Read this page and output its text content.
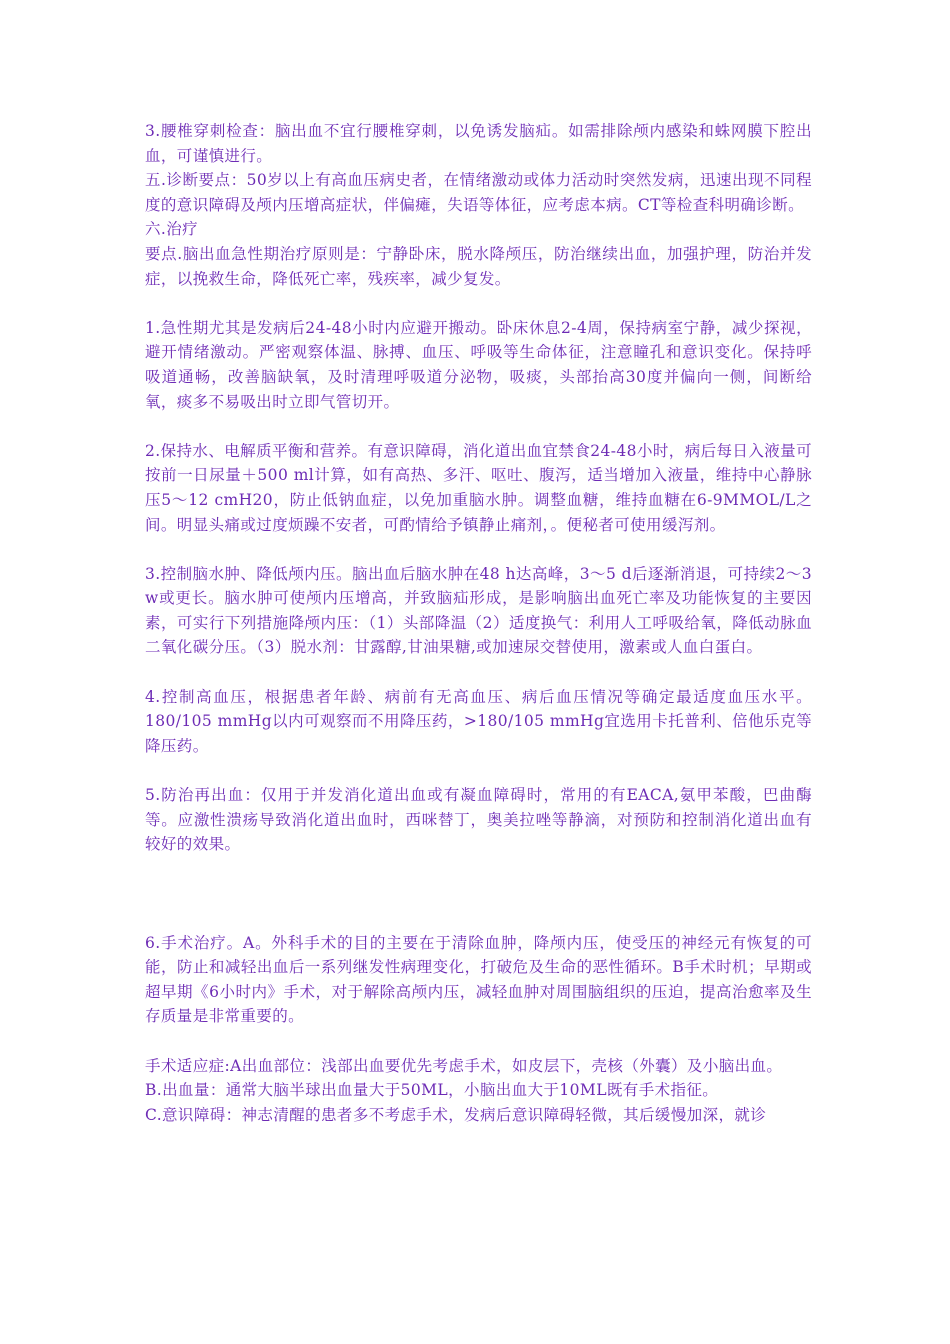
3.腰椎穿刺检查：脑出血不宜行腰椎穿刺，以免诱发脑疝。如需排除颅内感染和蛛网膜下腔出血，可谨慎进行。

五.诊断要点：50岁以上有高血压病史者，在情绪激动或体力活动时突然发病，迅速出现不同程度的意识障碍及颅内压增高症状，伴偏瘫，失语等体征，应考虑本病。CT等检查科明确诊断。

六.治疗

要点.脑出血急性期治疗原则是：宁静卧床，脱水降颅压，防治继续出血，加强护理，防治并发症，以挽救生命，降低死亡率，残疾率，减少复发。

1.急性期尤其是发病后24-48小时内应避开搬动。卧床休息2-4周，保持病室宁静，减少探视，避开情绪激动。严密观察体温、脉搏、血压、呼吸等生命体征，注意瞳孔和意识变化。保持呼吸道通畅，改善脑缺氧，及时清理呼吸道分泌物，吸痰，头部抬高30度并偏向一侧，间断给氧，痰多不易吸出时立即气管切开。

2.保持水、电解质平衡和营养。有意识障碍，消化道出血宜禁食24-48小时，病后每日入液量可按前一日尿量＋500 ml计算，如有高热、多汗、呕吐、腹泻，适当增加入液量，维持中心静脉压5～12 cmH20，防止低钠血症，以免加重脑水肿。调整血糖，维持血糖在6-9MMOL/L之间。明显头痛或过度烦躁不安者，可酌情给予镇静止痛剂，。便秘者可使用缓泻剂。

3.控制脑水肿、降低颅内压。脑出血后脑水肿在48 h达高峰，3～5 d后逐渐消退，可持续2～3 w或更长。脑水肿可使颅内压增高，并致脑疝形成，是影响脑出血死亡率及功能恢复的主要因素，可实行下列措施降颅内压：（1）头部降温（2）适度换气：利用人工呼吸给氧，降低动脉血二氧化碳分压。（3）脱水剂：甘露醇,甘油果糖,或加速尿交替使用，激素或人血白蛋白。

4.控制高血压，根据患者年龄、病前有无高血压、病后血压情况等确定最适度血压水平。180/105 mmHg以内可观察而不用降压药，>180/105 mmHg宜选用卡托普利、倍他乐克等降压药。

5.防治再出血：仅用于并发消化道出血或有凝血障碍时，常用的有EACA,氨甲苯酸，巴曲酶等。应激性溃疡导致消化道出血时，西咪替丁，奥美拉唑等静滴，对预防和控制消化道出血有较好的效果。

6.手术治疗。A。外科手术的目的主要在于清除血肿，降颅内压，使受压的神经元有恢复的可能，防止和减轻出血后一系列继发性病理变化，打破危及生命的恶性循环。B手术时机；早期或超早期《6小时内》手术，对于解除高颅内压，减轻血肿对周围脑组织的压迫，提高治愈率及生存质量是非常重要的。

手术适应症:A出血部位：浅部出血要优先考虑手术，如皮层下，壳核（外囊）及小脑出血。

B.出血量：通常大脑半球出血量大于50ML，小脑出血大于10ML既有手术指征。

C.意识障碍：神志清醒的患者多不考虑手术，发病后意识障碍轻微，其后缓慢加深，就诊
